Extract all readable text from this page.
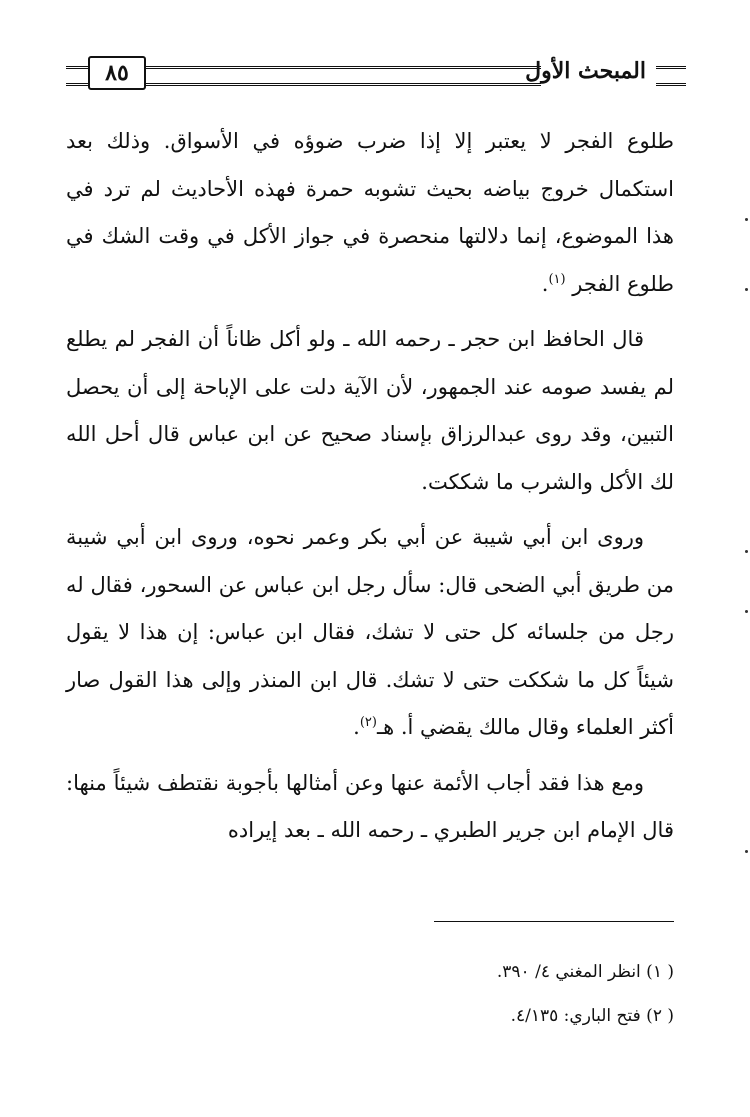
٨٥	المبحث الأول

طلوع الفجر لا يعتبر إلا إذا ضرب ضوؤه في الأسواق. وذلك بعد استكمال خروج بياضه بحيث تشوبه حمرة فهذه الأحاديث لم ترد في هذا الموضوع، إنما دلالتها منحصرة في جواز الأكل في وقت الشك في طلوع الفجر $^{(١)}$.

قال الحافظ ابن حجر ـ رحمه الله ـ ولو أكل ظاناً أن الفجر لم يطلع لم يفسد صومه عند الجمهور، لأن الآية دلت على الإباحة إلى أن يحصل التبين، وقد روى عبدالرزاق بإسناد صحيح عن ابن عباس قال أحل الله لك الأكل والشرب ما شككت.

وروى ابن أبي شيبة عن أبي بكر وعمر نحوه، وروى ابن أبي شيبة من طريق أبي الضحى قال: سأل رجل ابن عباس عن السحور، فقال له رجل من جلسائه كل حتى لا تشك، فقال ابن عباس: إن هذا لا يقول شيئاً كل ما شككت حتى لا تشك. قال ابن المنذر وإلى هذا القول صار أكثر العلماء وقال مالك يقضي أ. هـ$^{(٢)}$.

ومع هذا فقد أجاب الأئمة عنها وعن أمثالها بأجوبة نقتطف شيئاً منها: قال الإمام ابن جرير الطبري ـ رحمه الله ـ بعد إيراده

( ١) انظر المغني ٤/ ٣٩٠.

( ٢) فتح الباري: ٤/١٣٥.
